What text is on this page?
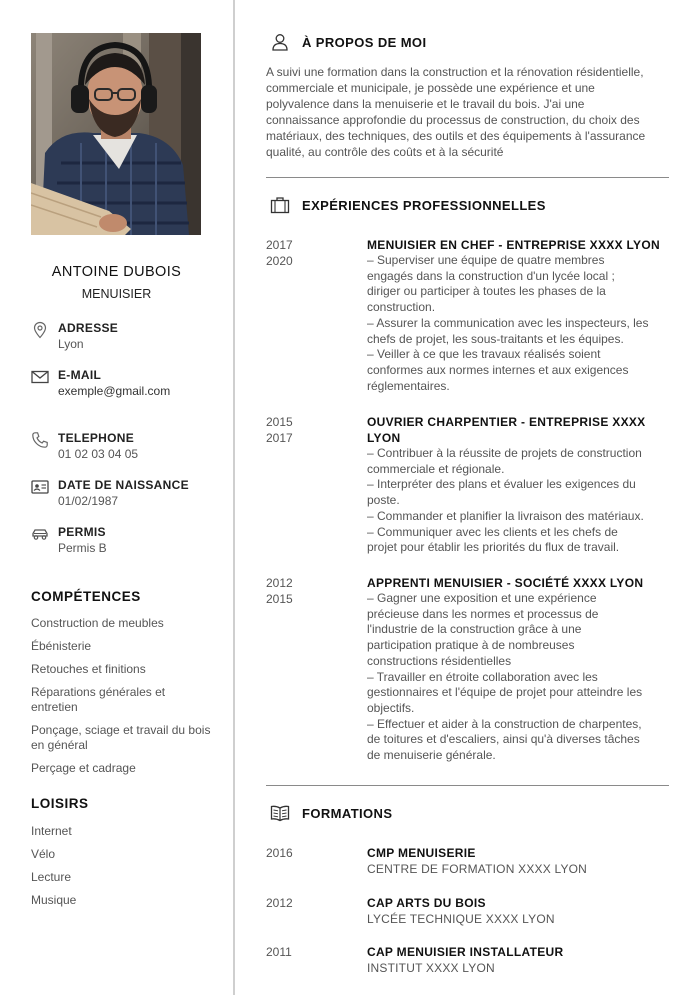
ANTOINE DUBOIS
MENUISIER
ADRESSE
Lyon
E-MAIL
exemple@gmail.com
TELEPHONE
01 02 03 04 05
DATE DE NAISSANCE
01/02/1987
PERMIS
Permis B
COMPÉTENCES
Construction de meubles
Ébénisterie
Retouches et finitions
Réparations générales et entretien
Ponçage, sciage et travail du bois en général
Perçage et cadrage
LOISIRS
Internet
Vélo
Lecture
Musique
À PROPOS DE MOI

A suivi une formation dans la construction et la rénovation résidentielle, commerciale et municipale, je possède une expérience et une polyvalence dans la menuiserie et le travail du bois. J'ai une connaissance approfondie du processus de construction, du choix des matériaux, des techniques, des outils et des équipements à l'assurance qualité, au contrôle des coûts et à la sécurité

EXPÉRIENCES PROFESSIONNELLES
2017
2020
MENUISIER EN CHEF - ENTREPRISE XXXX LYON
– Superviser une équipe de quatre membres
engagés dans la construction d'un lycée local ;
diriger ou participer à toutes les phases de la
construction.
– Assurer la communication avec les inspecteurs, les
chefs de projet, les sous-traitants et les équipes.
– Veiller à ce que les travaux réalisés soient
conformes aux normes internes et aux exigences
réglementaires.
2015
2017
OUVRIER CHARPENTIER - ENTREPRISE XXXX LYON
– Contribuer à la réussite de projets de construction
commerciale et régionale.
– Interpréter des plans et évaluer les exigences du
poste.
– Commander et planifier la livraison des matériaux.
– Communiquer avec les clients et les chefs de
projet pour établir les priorités du flux de travail.
2012
2015
APPRENTI MENUISIER - SOCIÉTÉ XXXX LYON
– Gagner une exposition et une expérience
précieuse dans les normes et processus de
l'industrie de la construction grâce à une
participation pratique à de nombreuses
constructions résidentielles
– Travailler en étroite collaboration avec les
gestionnaires et l'équipe de projet pour atteindre les
objectifs.
– Effectuer et aider à la construction de charpentes,
de toitures et d'escaliers, ainsi qu'à diverses tâches
de menuiserie générale.
FORMATIONS
2016	CMP MENUISERIE
CENTRE DE FORMATION XXXX LYON
2012	CAP ARTS DU BOIS
LYCÉE TECHNIQUE XXXX LYON
2011	CAP MENUISIER INSTALLATEUR
INSTITUT XXXX LYON
